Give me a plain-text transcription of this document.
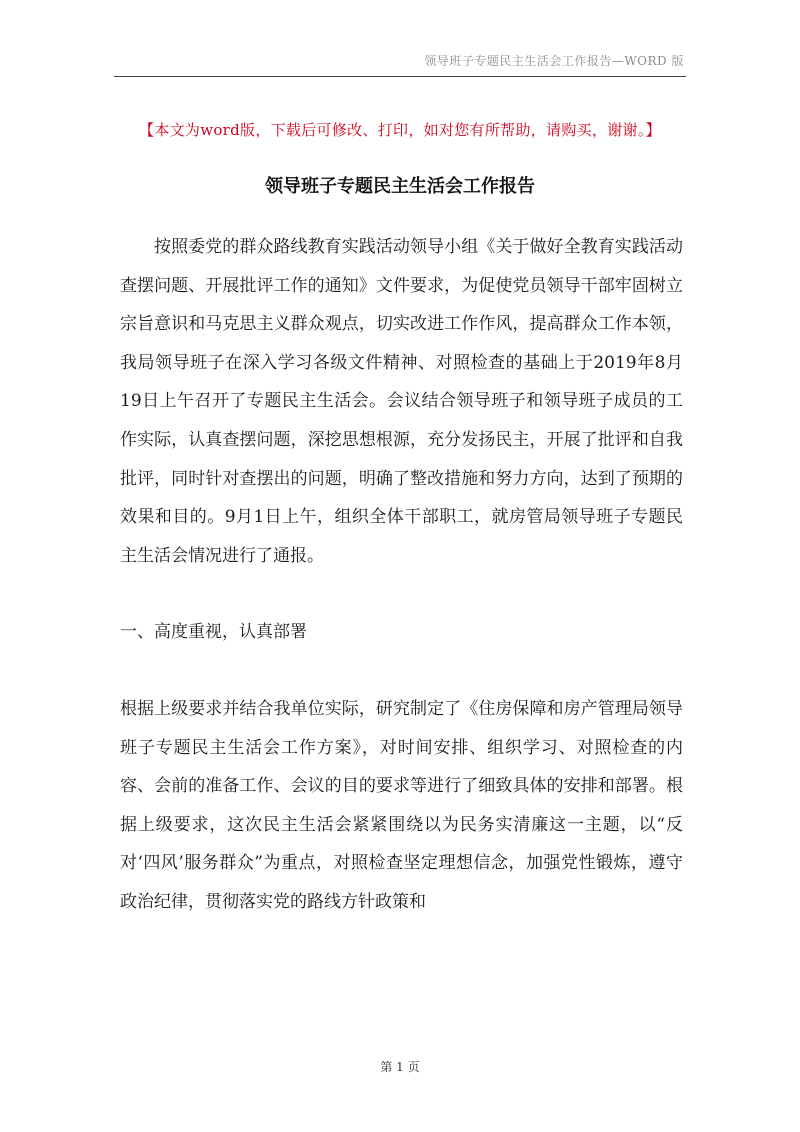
领导班子专题民主生活会工作报告—WORD 版
【本文为word版，下载后可修改、打印，如对您有所帮助，请购买，谢谢。】
领导班子专题民主生活会工作报告

按照委党的群众路线教育实践活动领导小组《关于做好全教育实践活动查摆问题、开展批评工作的通知》文件要求，为促使党员领导干部牢固树立宗旨意识和马克思主义群众观点，切实改进工作作风，提高群众工作本领，我局领导班子在深入学习各级文件精神、对照检查的基础上于2019年8月19日上午召开了专题民主生活会。会议结合领导班子和领导班子成员的工作实际，认真查摆问题，深挖思想根源，充分发扬民主，开展了批评和自我批评，同时针对查摆出的问题，明确了整改措施和努力方向，达到了预期的效果和目的。9月1日上午，组织全体干部职工，就房管局领导班子专题民主生活会情况进行了通报。

一、高度重视，认真部署

根据上级要求并结合我单位实际，研究制定了《住房保障和房产管理局领导班子专题民主生活会工作方案》，对时间安排、组织学习、对照检查的内容、会前的准备工作、会议的目的要求等进行了细致具体的安排和部署。根据上级要求，这次民主生活会紧紧围绕以为民务实清廉这一主题，以“反对‘四风’服务群众”为重点，对照检查坚定理想信念，加强党性锻炼，遵守政治纪律，贯彻落实党的路线方针政策和

第 1 页
